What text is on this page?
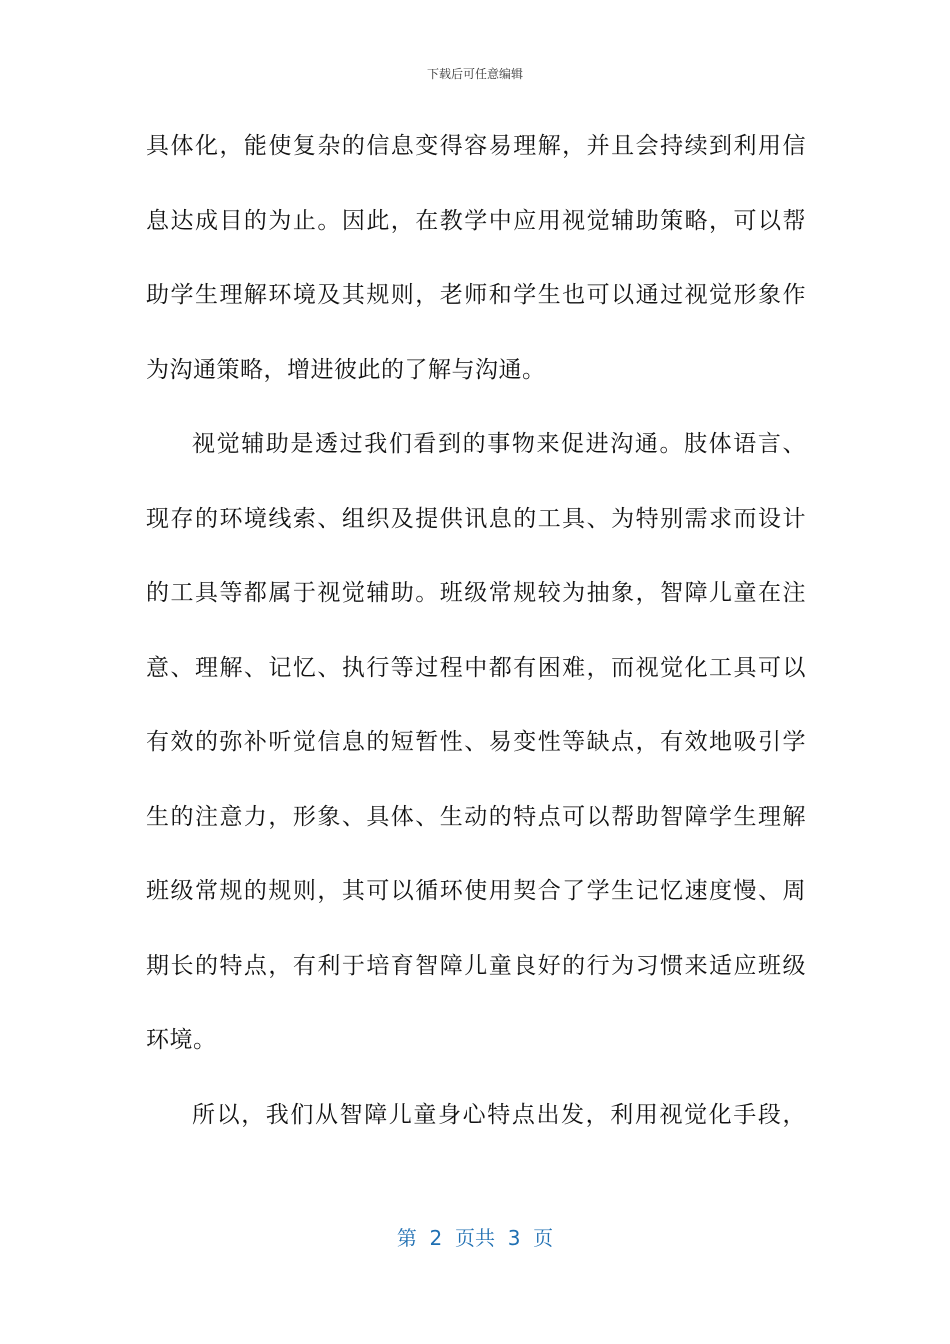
下载后可任意编辑
具体化，能使复杂的信息变得容易理解，并且会持续到利用信
息达成目的为止。因此，在教学中应用视觉辅助策略，可以帮
助学生理解环境及其规则，老师和学生也可以通过视觉形象作
为沟通策略，增进彼此的了解与沟通。
视觉辅助是透过我们看到的事物来促进沟通。肢体语言、
现存的环境线索、组织及提供讯息的工具、为特别需求而设计
的工具等都属于视觉辅助。班级常规较为抽象，智障儿童在注
意、理解、记忆、执行等过程中都有困难，而视觉化工具可以
有效的弥补听觉信息的短暂性、易变性等缺点，有效地吸引学
生的注意力，形象、具体、生动的特点可以帮助智障学生理解
班级常规的规则，其可以循环使用契合了学生记忆速度慢、周
期长的特点，有利于培育智障儿童良好的行为习惯来适应班级
环境。
所以，我们从智障儿童身心特点出发，利用视觉化手段，
第 2 页共 3 页
